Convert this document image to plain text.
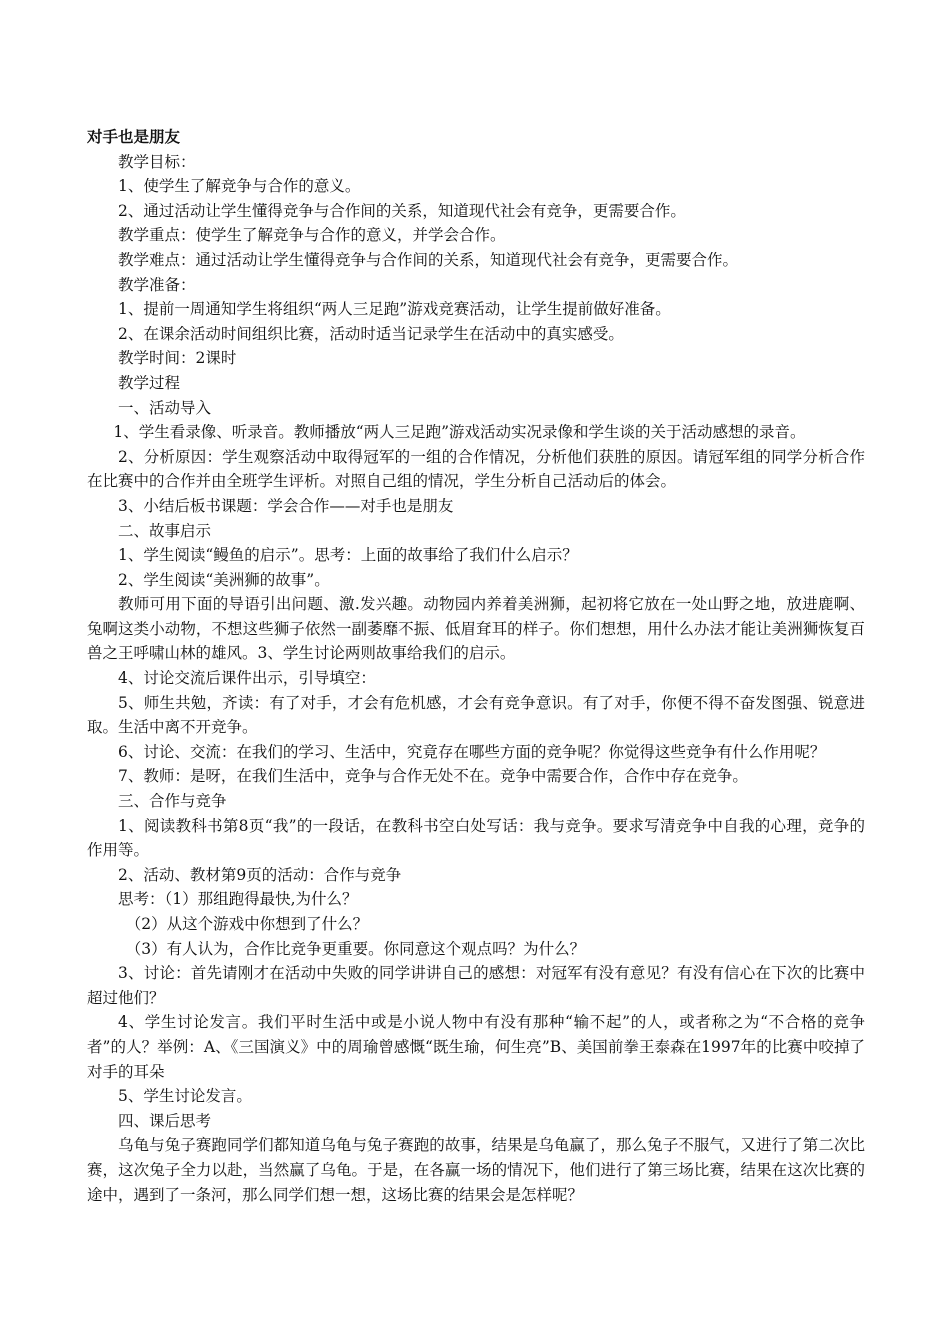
对手也是朋友

教学目标：

1、使学生了解竞争与合作的意义。

2、通过活动让学生懂得竞争与合作间的关系，知道现代社会有竞争，更需要合作。

教学重点：使学生了解竞争与合作的意义，并学会合作。

教学难点：通过活动让学生懂得竞争与合作间的关系，知道现代社会有竞争，更需要合作。

教学准备：

1、提前一周通知学生将组织“两人三足跑”游戏竞赛活动，让学生提前做好准备。

2、在课余活动时间组织比赛，活动时适当记录学生在活动中的真实感受。

教学时间：2课时

教学过程

一、活动导入

1、学生看录像、听录音。教师播放“两人三足跑”游戏活动实况录像和学生谈的关于活动感想的录音。

2、分析原因：学生观察活动中取得冠军的一组的合作情况，分析他们获胜的原因。请冠军组的同学分析合作在比赛中的合作并由全班学生评析。对照自己组的情况，学生分析自己活动后的体会。

3、小结后板书课题：学会合作——对手也是朋友

二、故事启示

1、学生阅读“鳗鱼的启示”。思考：上面的故事给了我们什么启示？

2、学生阅读“美洲狮的故事”。

教师可用下面的导语引出问题、激.发兴趣。动物园内养着美洲狮，起初将它放在一处山野之地，放进鹿啊、兔啊这类小动物，不想这些狮子依然一副萎靡不振、低眉耷耳的样子。你们想想，用什么办法才能让美洲狮恢复百兽之王呼啸山林的雄风。3、学生讨论两则故事给我们的启示。

4、讨论交流后课件出示，引导填空：

5、师生共勉，齐读：有了对手，才会有危机感，才会有竞争意识。有了对手，你便不得不奋发图强、锐意进取。生活中离不开竞争。

6、讨论、交流：在我们的学习、生活中，究竟存在哪些方面的竞争呢？你觉得这些竞争有什么作用呢？

7、教师：是呀，在我们生活中，竞争与合作无处不在。竞争中需要合作，合作中存在竞争。

三、合作与竞争

1、阅读教科书第8页“我”的一段话，在教科书空白处写话：我与竞争。要求写清竞争中自我的心理，竞争的作用等。

2、活动、教材第9页的活动：合作与竞争

思考：（1）那组跑得最快,为什么？

（2）从这个游戏中你想到了什么？

（3）有人认为，合作比竞争更重要。你同意这个观点吗？为什么？

3、讨论：首先请刚才在活动中失败的同学讲讲自己的感想：对冠军有没有意见？有没有信心在下次的比赛中超过他们？

4、学生讨论发言。我们平时生活中或是小说人物中有没有那种“输不起”的人，或者称之为“不合格的竞争者”的人？举例：A、《三国演义》中的周瑜曾感慨“既生瑜，何生亮”B、美国前拳王泰森在1997年的比赛中咬掉了对手的耳朵

5、学生讨论发言。

四、课后思考

乌龟与兔子赛跑同学们都知道乌龟与兔子赛跑的故事，结果是乌龟赢了，那么兔子不服气，又进行了第二次比赛，这次兔子全力以赴，当然赢了乌龟。于是，在各赢一场的情况下，他们进行了第三场比赛，结果在这次比赛的途中，遇到了一条河，那么同学们想一想，这场比赛的结果会是怎样呢？
